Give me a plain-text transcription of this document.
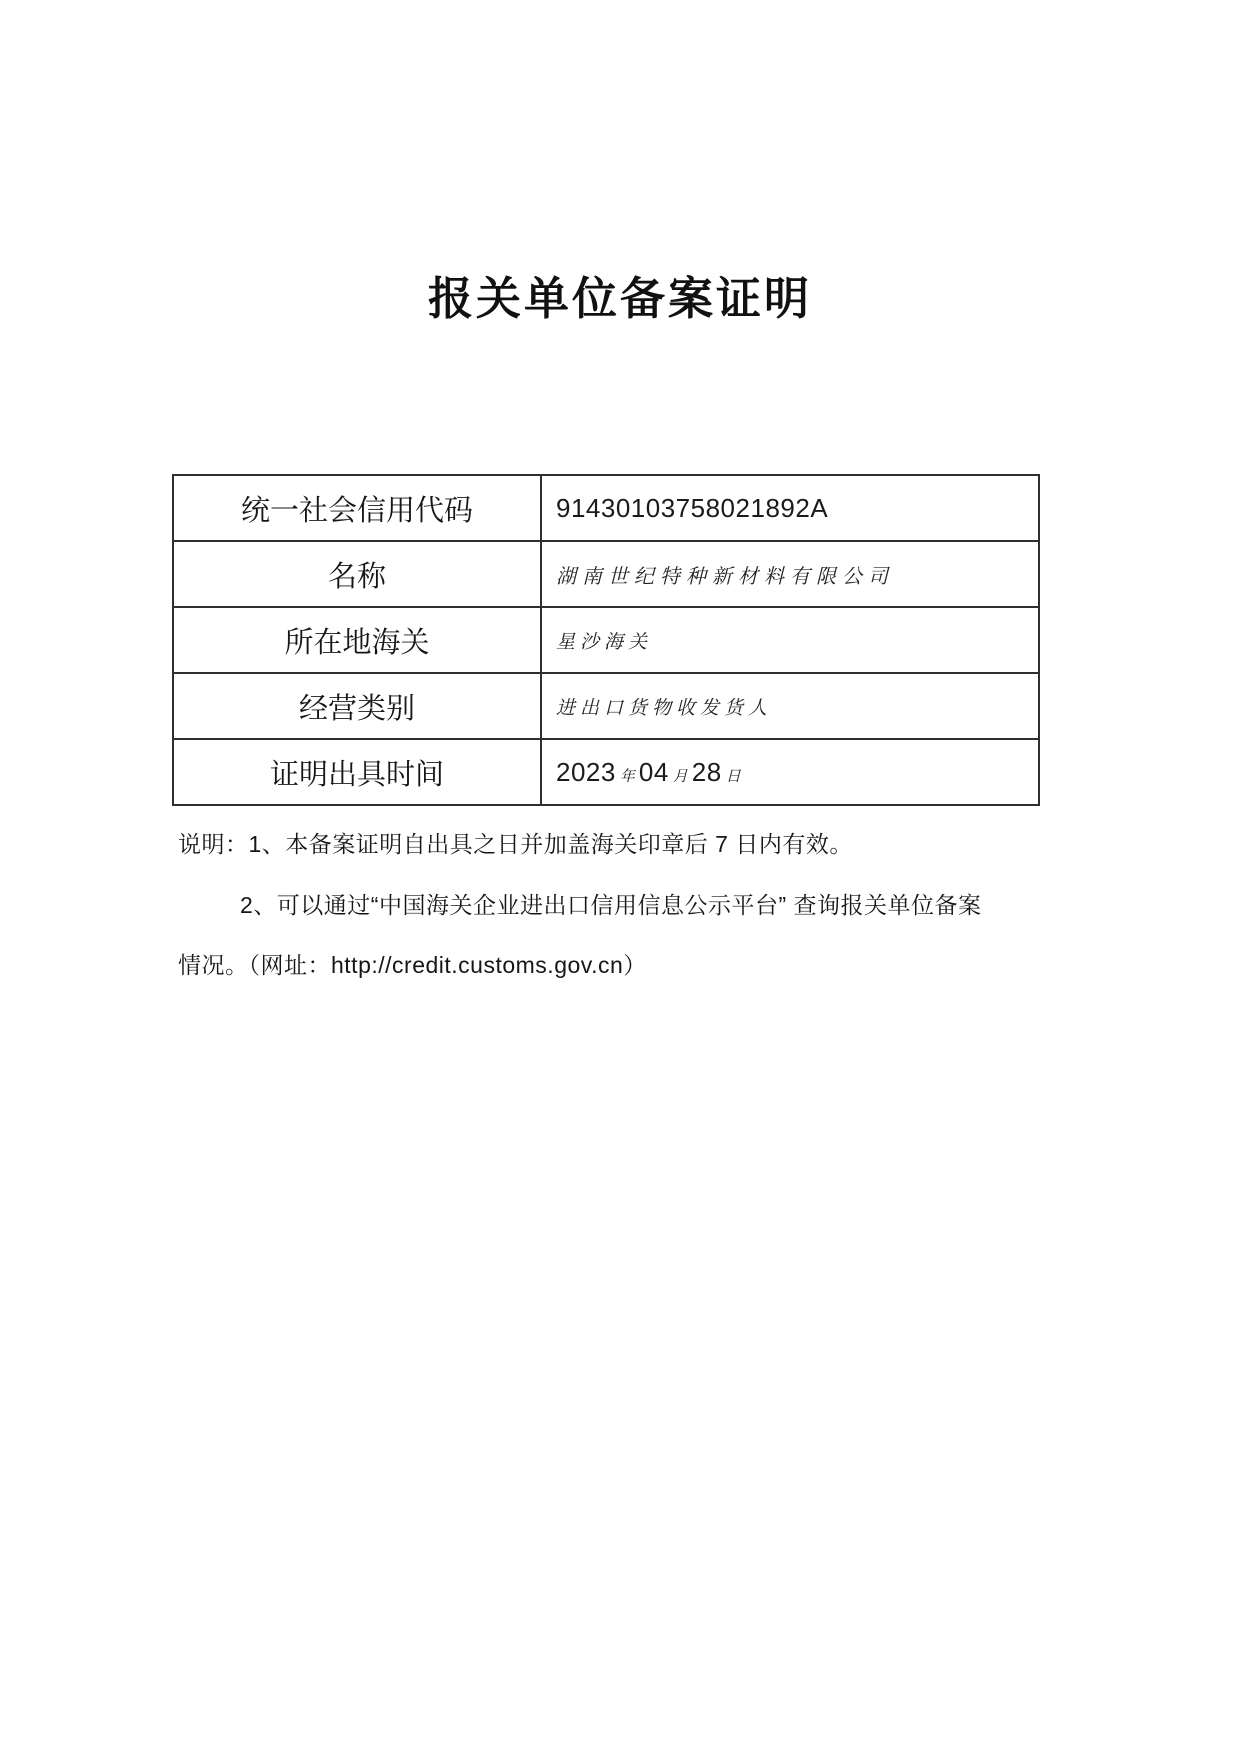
报关单位备案证明
统一社会信用代码	91430103758021892A
名称	湖南世纪特种新材料有限公司
所在地海关	星沙海关
经营类别	进出口货物收发货人
证明出具时间	2023 年 04 月 28 日
说明：1、本备案证明自出具之日并加盖海关印章后 7 日内有效。
2、可以通过“中国海关企业进出口信用信息公示平台” 查询报关单位备案
情况。（网址：http://credit.customs.gov.cn）
